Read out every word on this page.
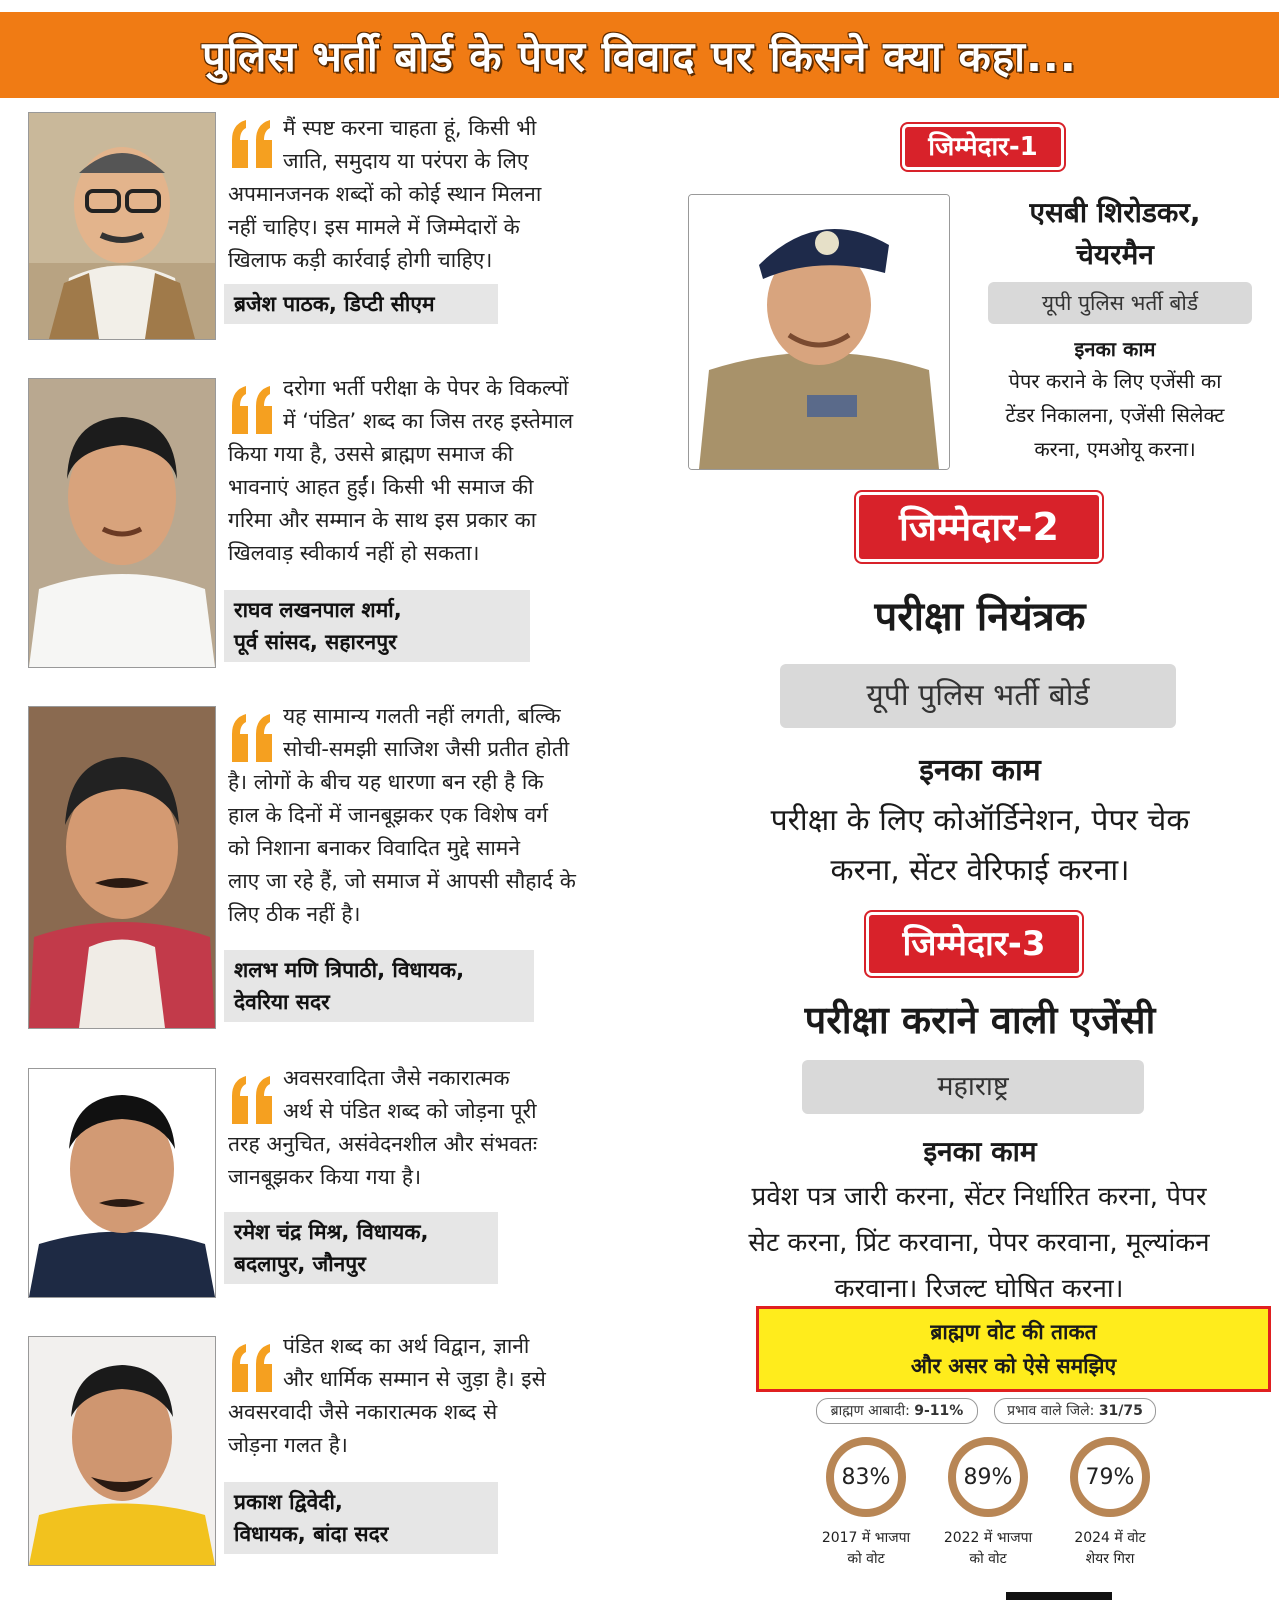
पुलिस भर्ती बोर्ड के पेपर विवाद पर किसने क्या कहा...
मैं स्पष्ट करना चाहता हूं, किसी भी
जाति, समुदाय या परंपरा के लिए
अपमानजनक शब्दों को कोई स्थान मिलना
नहीं चाहिए। इस मामले में जिम्मेदारों के
खिलाफ कड़ी कार्रवाई होगी चाहिए।
ब्रजेश पाठक, डिप्टी सीएम
दरोगा भर्ती परीक्षा के पेपर के विकल्पों
में ‘पंडित’ शब्द का जिस तरह इस्तेमाल
किया गया है, उससे ब्राह्मण समाज की
भावनाएं आहत हुईं। किसी भी समाज की
गरिमा और सम्मान के साथ इस प्रकार का
खिलवाड़ स्वीकार्य नहीं हो सकता।
राघव लखनपाल शर्मा,
पूर्व सांसद, सहारनपुर
यह सामान्य गलती नहीं लगती, बल्कि
सोची-समझी साजिश जैसी प्रतीत होती
है। लोगों के बीच यह धारणा बन रही है कि
हाल के दिनों में जानबूझकर एक विशेष वर्ग
को निशाना बनाकर विवादित मुद्दे सामने
लाए जा रहे हैं, जो समाज में आपसी सौहार्द के
लिए ठीक नहीं है।
शलभ मणि त्रिपाठी, विधायक,
देवरिया सदर
अवसरवादिता जैसे नकारात्मक
अर्थ से पंडित शब्द को जोड़ना पूरी
तरह अनुचित, असंवेदनशील और संभवतः
जानबूझकर किया गया है।
रमेश चंद्र मिश्र, विधायक,
बदलापुर, जौनपुर
पंडित शब्द का अर्थ विद्वान, ज्ञानी
और धार्मिक सम्मान से जुड़ा है। इसे
अवसरवादी जैसे नकारात्मक शब्द से
जोड़ना गलत है।
प्रकाश द्विवेदी,
विधायक, बांदा सदर
जिम्मेदार-1
एसबी शिरोडकर,
चेयरमैन
यूपी पुलिस भर्ती बोर्ड
इनका काम
पेपर कराने के लिए एजेंसी का
टेंडर निकालना, एजेंसी सिलेक्ट
करना, एमओयू करना।
जिम्मेदार-2
परीक्षा नियंत्रक
यूपी पुलिस भर्ती बोर्ड
इनका काम
परीक्षा के लिए कोऑर्डिनेशन, पेपर चेक
करना, सेंटर वेरिफाई करना।
जिम्मेदार-3
परीक्षा कराने वाली एजेंसी
महाराष्ट्र
इनका काम
प्रवेश पत्र जारी करना, सेंटर निर्धारित करना, पेपर
सेट करना, प्रिंट करवाना, पेपर करवाना, मूल्यांकन
करवाना। रिजल्ट घोषित करना।
ब्राह्मण वोट की ताकत
और असर को ऐसे समझिए
ब्राह्मण आबादी: 9-11%	प्रभाव वाले जिले: 31/75
83%	89%	79%
2017 में भाजपा
को वोट
2022 में भाजपा
को वोट
2024 में वोट
शेयर गिरा
